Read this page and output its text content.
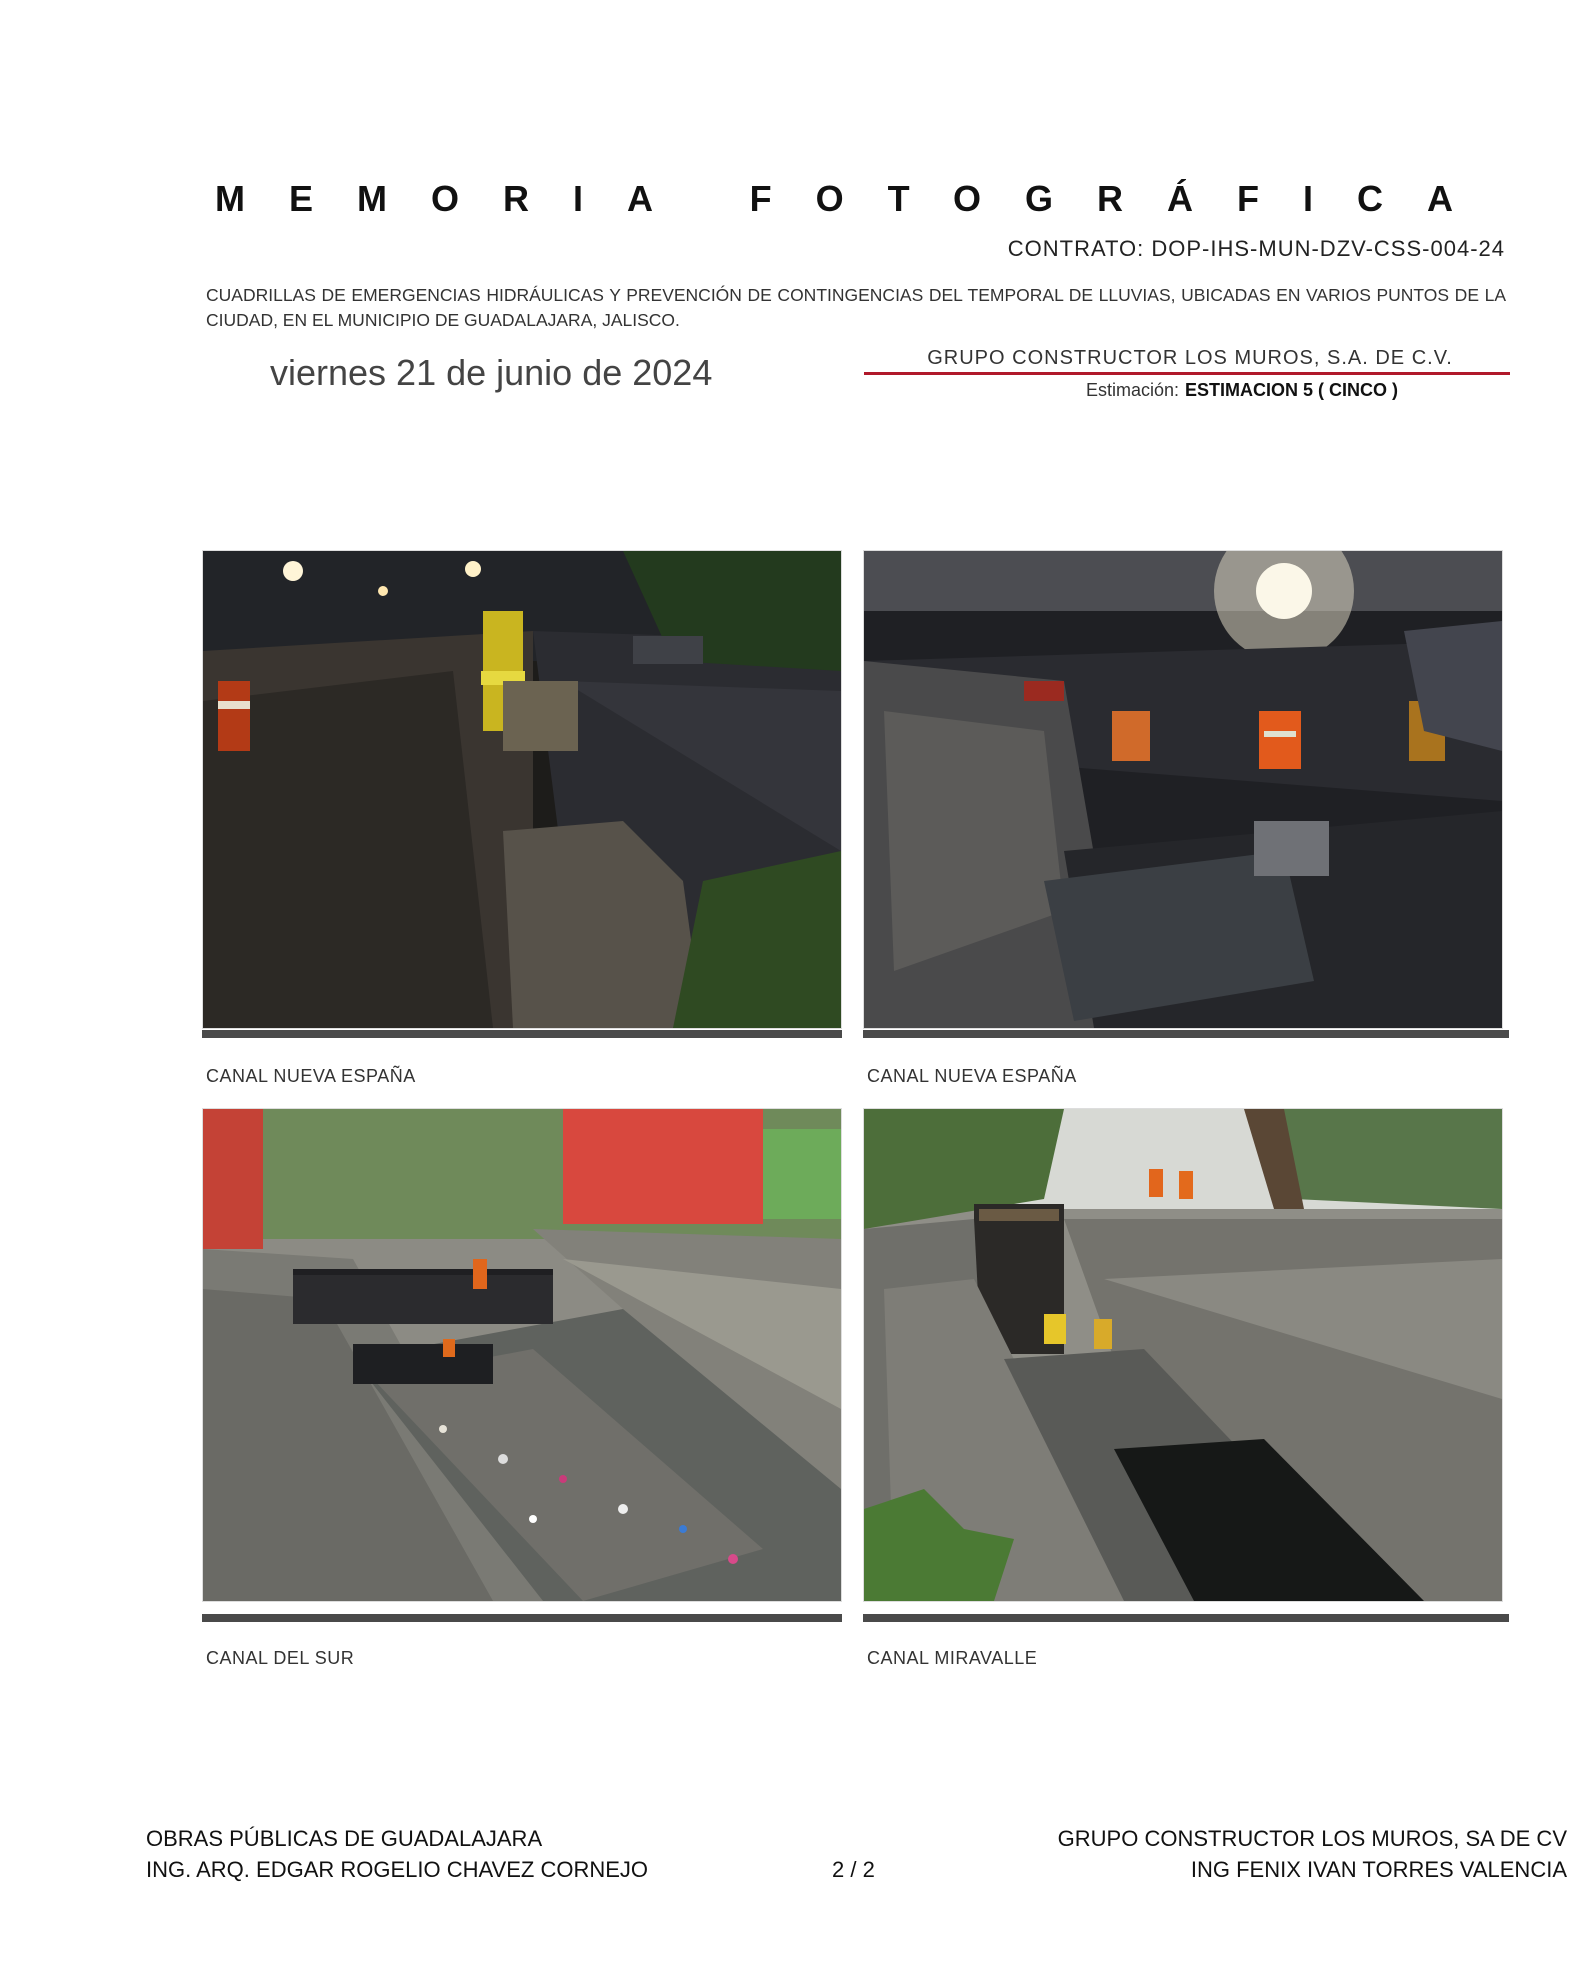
MEMORIA FOTOGRÁFICA
CONTRATO: DOP-IHS-MUN-DZV-CSS-004-24
CUADRILLAS DE EMERGENCIAS HIDRÁULICAS Y PREVENCIÓN DE CONTINGENCIAS DEL TEMPORAL DE LLUVIAS, UBICADAS EN VARIOS PUNTOS DE LA CIUDAD, EN EL MUNICIPIO DE GUADALAJARA, JALISCO.
viernes 21 de junio de 2024	GRUPO CONSTRUCTOR LOS MUROS, S.A. DE C.V.
Estimación: ESTIMACION 5 ( CINCO )
CANAL NUEVA ESPAÑA	CANAL NUEVA ESPAÑA
CANAL DEL SUR	CANAL MIRAVALLE
OBRAS PÚBLICAS DE GUADALAJARA
ING. ARQ. EDGAR ROGELIO CHAVEZ CORNEJO	2 / 2
GRUPO CONSTRUCTOR LOS MUROS, SA DE CV
ING FENIX IVAN TORRES VALENCIA
